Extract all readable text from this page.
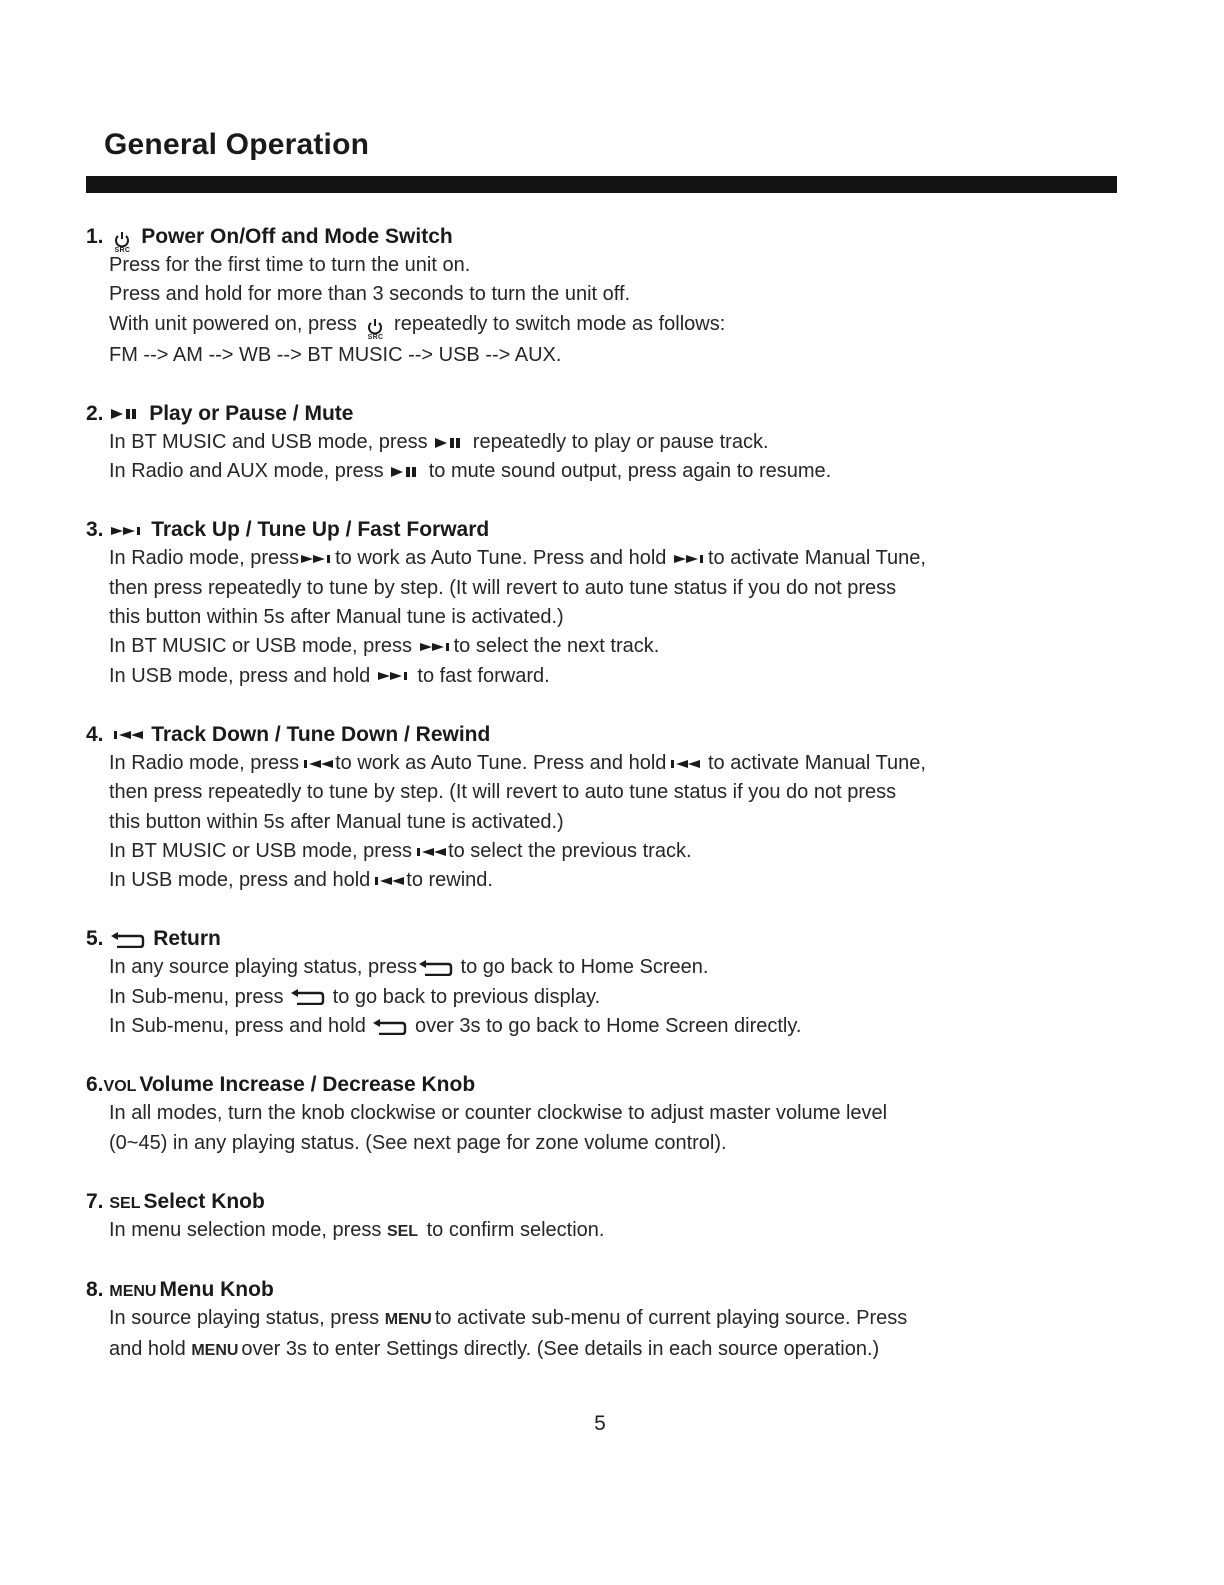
General Operation
1.
SRC
Power On/Off and Mode Switch
Press for the first time to turn the unit on.
Press and hold for more than 3 seconds to turn the unit off.
With unit powered on, press
SRC
repeatedly to switch mode as follows:
FM --> AM --> WB --> BT MUSIC --> USB --> AUX.
2. Play or Pause / Mute
In BT MUSIC and USB mode, press repeatedly to play or pause track.
In Radio and AUX mode, press to mute sound output, press again to resume.
3. Track Up / Tune Up / Fast Forward
In Radio mode, press to work as Auto Tune. Press and hold to activate Manual Tune,
then press repeatedly to tune by step. (It will revert to auto tune status if you do not press
this button within 5s after Manual tune is activated.)
In BT MUSIC or USB mode, press to select the next track.
In USB mode, press and hold to fast forward.
4. Track Down / Tune Down / Rewind
In Radio mode, press to work as Auto Tune. Press and hold to activate Manual Tune,
then press repeatedly to tune by step. (It will revert to auto tune status if you do not press
this button within 5s after Manual tune is activated.)
In BT MUSIC or USB mode, press to select the previous track.
In USB mode, press and hold to rewind.
5. Return
In any source playing status, press to go back to Home Screen.
In Sub-menu, press to go back to previous display.
In Sub-menu, press and hold over 3s to go back to Home Screen directly.
6.VOL Volume Increase / Decrease Knob
In all modes, turn the knob clockwise or counter clockwise to adjust master volume level
(0~45) in any playing status. (See next page for zone volume control).
7. SEL Select Knob
In menu selection mode, press SEL to confirm selection.
8. MENU Menu Knob
In source playing status, press MENU to activate sub-menu of current playing source. Press
and hold MENU over 3s to enter Settings directly. (See details in each source operation.)
5
